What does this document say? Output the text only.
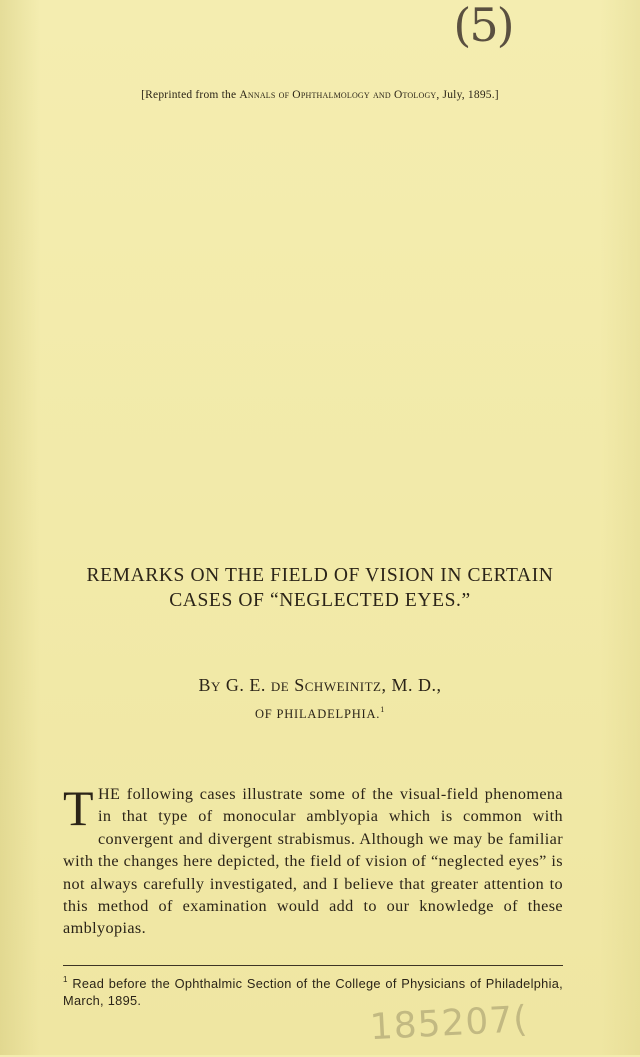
(5)
[Reprinted from the Annals of Ophthalmology and Otology, July, 1895.]
REMARKS ON THE FIELD OF VISION IN CERTAIN
CASES OF “NEGLECTED EYES.”
By G. E. de Schweinitz, M. D.,
OF PHILADELPHIA.$^1$
THE following cases illustrate some of the visual-field phenomena in that type of monocular amblyopia which is common with convergent and divergent strabismus. Although we may be familiar with the changes here depicted, the field of vision of “neglected eyes” is not always carefully investigated, and I believe that greater attention to this method of examination would add to our knowledge of these amblyopias.
$^1$ Read before the Ophthalmic Section of the College of Physicians of Philadelphia, March, 1895.	185207(
